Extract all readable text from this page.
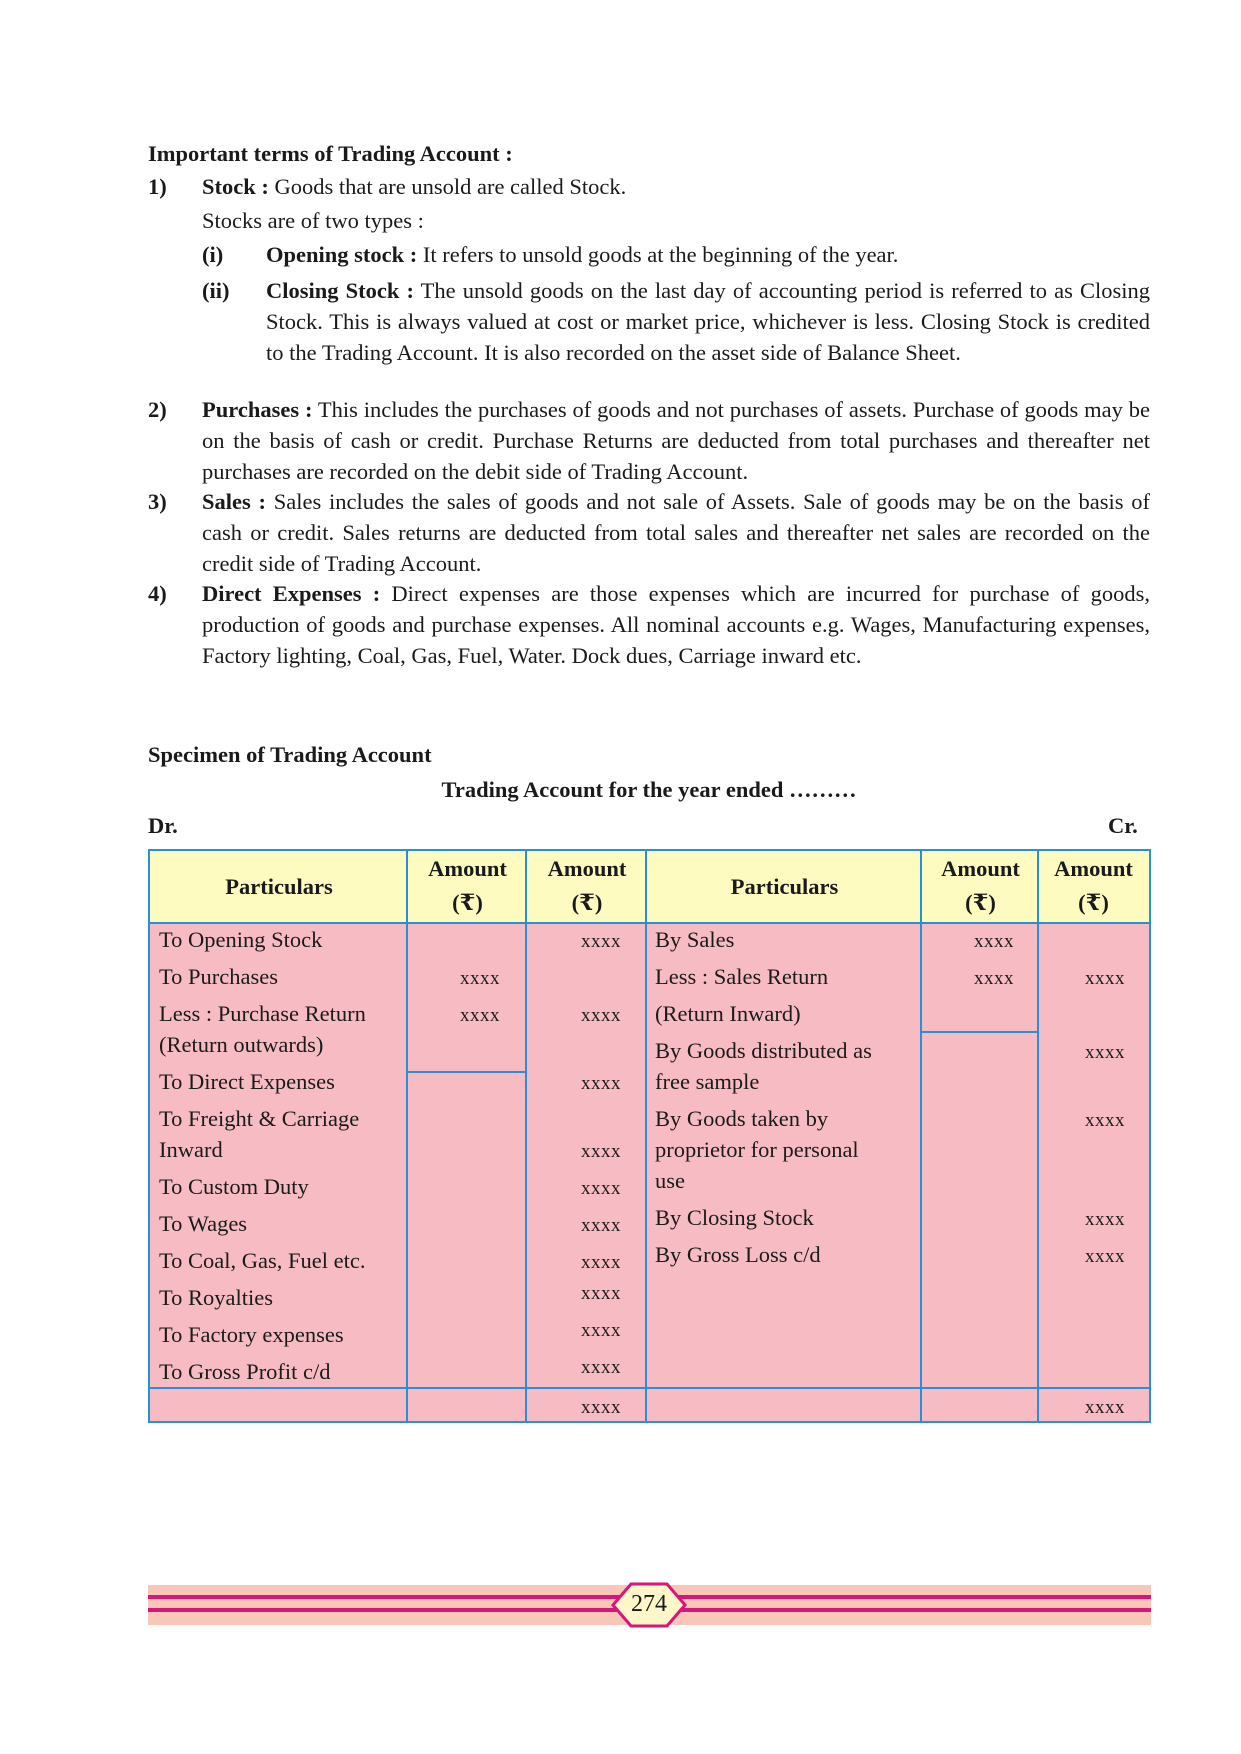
Important terms of Trading Account :
1) Stock : Goods that are unsold are called Stock.
Stocks are of two types :
(i) Opening stock : It refers to unsold goods at the beginning of the year.
(ii) Closing Stock : The unsold goods on the last day of accounting period is referred to as Closing Stock. This is always valued at cost or market price, whichever is less. Closing Stock is credited to the Trading Account. It is also recorded on the asset side of Balance Sheet.

2) Purchases : This includes the purchases of goods and not purchases of assets. Purchase of goods may be on the basis of cash or credit. Purchase Returns are deducted from total purchases and thereafter net purchases are recorded on the debit side of Trading Account.

3) Sales : Sales includes the sales of goods and not sale of Assets. Sale of goods may be on the basis of cash or credit. Sales returns are deducted from total sales and thereafter net sales are recorded on the credit side of Trading Account.

4) Direct Expenses : Direct expenses are those expenses which are incurred for purchase of goods, production of goods and purchase expenses. All nominal accounts e.g. Wages, Manufacturing expenses, Factory lighting, Coal, Gas, Fuel, Water. Dock dues, Carriage inward etc.

Specimen of Trading Account
Trading Account for the year ended ………
Dr.	Cr.
Particulars
Amount
(₹)
Amount
(₹)
Particulars
Amount
(₹)
Amount
(₹)
To Opening Stock
To Purchases
Less : Purchase Return
(Return outwards)
To Direct Expenses
To Freight & Carriage
Inward
To Custom Duty
To Wages
To Coal, Gas, Fuel etc.
To Royalties
To Factory expenses
To Gross Profit c/d
xxxx
xxxx
xxxx
xxxx
xxxx
xxxx
xxxx
xxxx
xxxx
xxxx
xxxx
xxxx
xxxx
By Sales
Less : Sales Return
(Return Inward)
By Goods distributed as
free sample
By Goods taken by
proprietor for personal
use
By Closing Stock
By Gross Loss c/d
xxxx
xxxx	xxxx
xxxx
xxxx
xxxx
xxxx
xxxx
274
